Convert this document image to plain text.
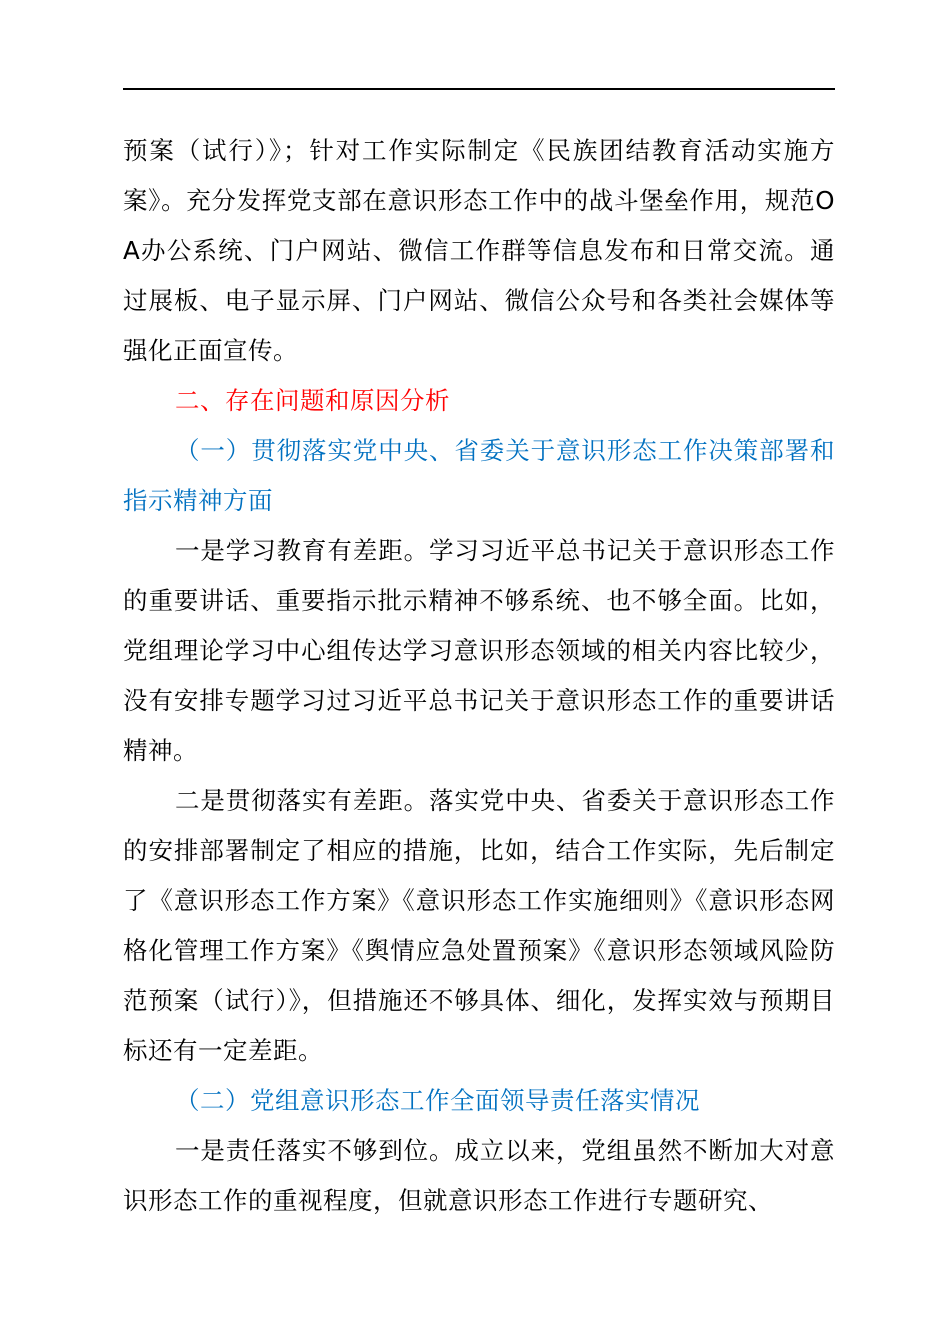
预案（试行）》；针对工作实际制定《民族团结教育活动实施方案》。充分发挥党支部在意识形态工作中的战斗堡垒作用，规范OA办公系统、门户网站、微信工作群等信息发布和日常交流。通过展板、电子显示屏、门户网站、微信公众号和各类社会媒体等强化正面宣传。

二、存在问题和原因分析

（一）贯彻落实党中央、省委关于意识形态工作决策部署和指示精神方面

一是学习教育有差距。学习习近平总书记关于意识形态工作的重要讲话、重要指示批示精神不够系统、也不够全面。比如，党组理论学习中心组传达学习意识形态领域的相关内容比较少，没有安排专题学习过习近平总书记关于意识形态工作的重要讲话精神。

二是贯彻落实有差距。落实党中央、省委关于意识形态工作的安排部署制定了相应的措施，比如，结合工作实际，先后制定了《意识形态工作方案》《意识形态工作实施细则》《意识形态网格化管理工作方案》《舆情应急处置预案》《意识形态领域风险防范预案（试行）》，但措施还不够具体、细化，发挥实效与预期目标还有一定差距。

（二）党组意识形态工作全面领导责任落实情况

一是责任落实不够到位。成立以来，党组虽然不断加大对意识形态工作的重视程度，但就意识形态工作进行专题研究、
